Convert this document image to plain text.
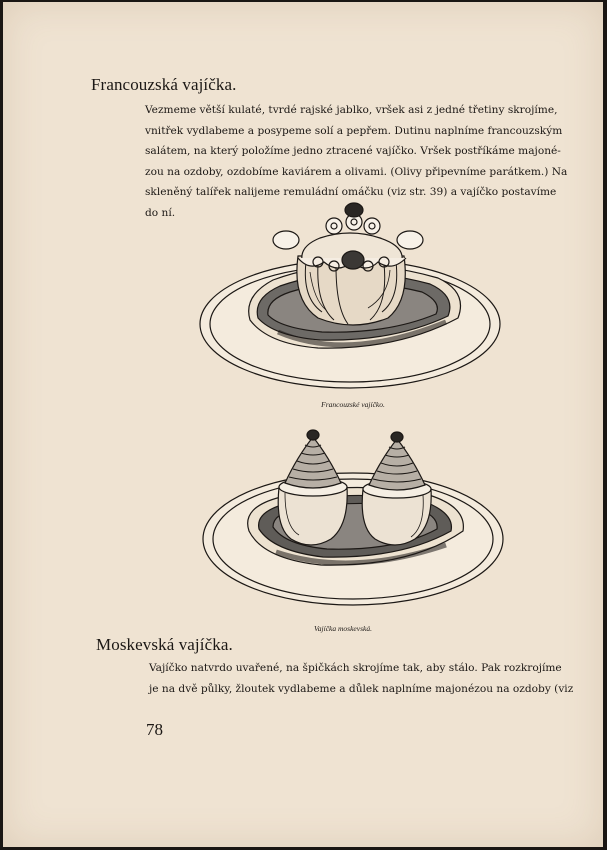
Francouzská vajíčka.
Vezmeme větší kulaté, tvrdé rajské jablko, vršek asi z jedné třetiny skrojíme,
vnitřek vydlabeme a posypeme solí a pepřem. Dutinu naplníme francouzským
salátem, na který položíme jedno ztracené vajíčko. Vršek postříkáme majoné-
zou na ozdoby, ozdobíme kaviárem a olivami. (Olivy připevníme parátkem.) Na
skleněný talířek nalijeme remuládní omáčku (viz str. 39) a vajíčko postavíme
do ní.

Francouzské vajíčko.

Vajíčka moskevská.

Moskevská vajíčka.
Vajíčko natvrdo uvařené, na špičkách skrojíme tak, aby stálo. Pak rozkrojíme
je na dvě půlky, žloutek vydlabeme a důlek naplníme majonézou na ozdoby (viz
78
